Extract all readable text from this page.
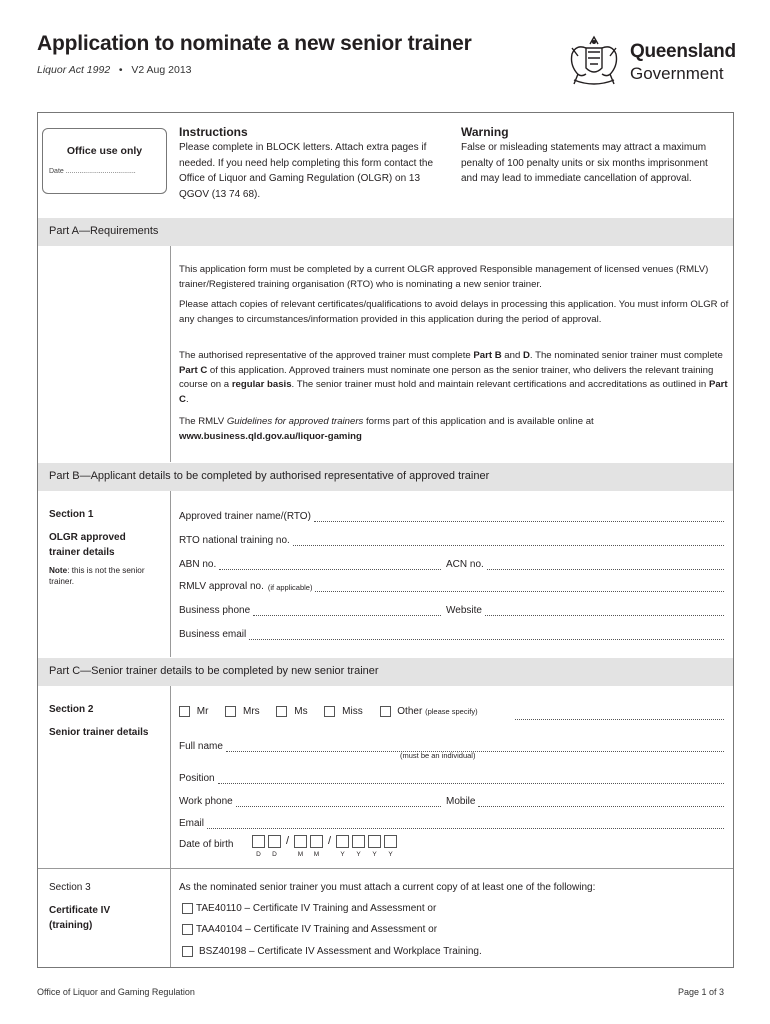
Application to nominate a new senior trainer
Liquor Act 1992   •   V2 Aug 2013
Queensland
Government
Office use only
Date ....................................
Instructions
Please complete in BLOCK letters. Attach extra pages if needed. If you need help completing this form contact the Office of Liquor and Gaming Regulation (OLGR) on 13 QGOV (13 74 68).
Warning
False or misleading statements may attract a maximum penalty of 100 penalty units or six months imprisonment and may lead to immediate cancellation of approval.
Part A—Requirements
This application form must be completed by a current OLGR approved Responsible management of licensed venues (RMLV) trainer/Registered training organisation (RTO) who is nominating a new senior trainer.
Please attach copies of relevant certificates/qualifications to avoid delays in processing this application. You must inform OLGR of any changes to circumstances/information provided in this application during the period of approval.
The authorised representative of the approved trainer must complete Part B and D. The nominated senior trainer must complete Part C of this application. Approved trainers must nominate one person as the senior trainer, who delivers the relevant training course on a regular basis. The senior trainer must hold and maintain relevant certifications and accreditations as outlined in Part C.
The RMLV Guidelines for approved trainers forms part of this application and is available online at
www.business.qld.gov.au/liquor-gaming
Part B—Applicant details to be completed by authorised representative of approved trainer
Section 1
OLGR approved trainer details
Note: this is not the senior trainer.
Approved trainer name/(RTO)
RTO national training no.
ABN no.	ACN no.
RMLV approval no. (if applicable)
Business phone	Website
Business email
Part C—Senior trainer details to be completed by new senior trainer
Section 2
Senior trainer details
Mr	Mrs	Ms	Miss	Other (please specify)
Full name
(must be an individual)
Position
Work phone	Mobile
Email
Date of birth	/	/
D	D	M	M	Y	Y	Y	Y
Section 3
Certificate IV (training)
As the nominated senior trainer you must attach a current copy of at least one of the following:
TAE40110 – Certificate IV Training and Assessment or
TAA40104 – Certificate IV Training and Assessment or
BSZ40198 – Certificate IV Assessment and Workplace Training.
Office of Liquor and Gaming Regulation	Page 1 of 3
